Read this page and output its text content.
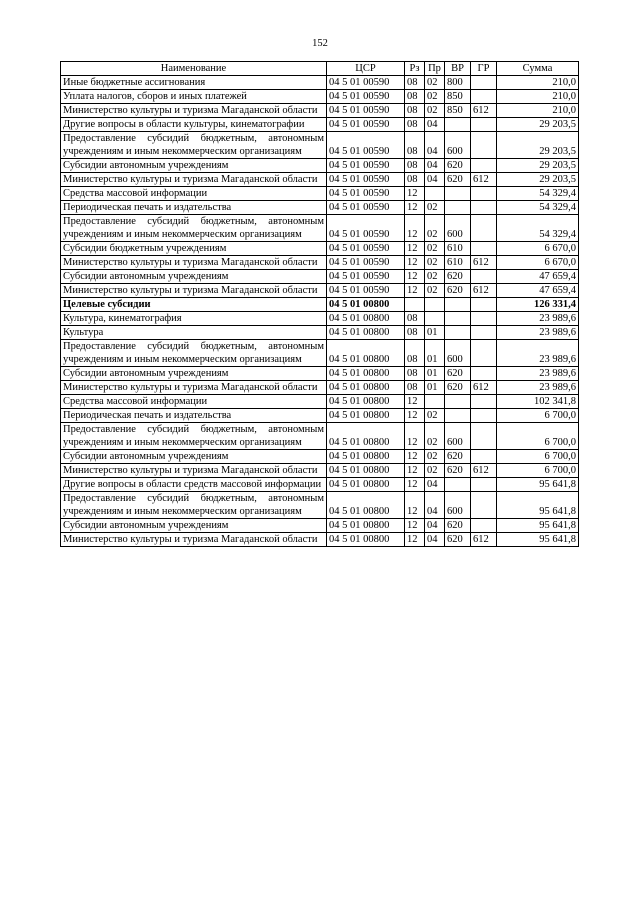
152
Наименование	ЦСР	Рз	Пр	ВР	ГР	Сумма
Иные бюджетные ассигнования	04 5 01 00590	08	02	800		210,0
Уплата налогов, сборов и иных платежей	04 5 01 00590	08	02	850		210,0
Министерство культуры и туризма Магаданской области	04 5 01 00590	08	02	850	612	210,0
Другие вопросы в области культуры, кинематографии	04 5 01 00590	08	04			29 203,5
Предоставление субсидий бюджетным, автономным учреждениям и иным некоммерческим организациям	04 5 01 00590	08	04	600		29 203,5
Субсидии автономным учреждениям	04 5 01 00590	08	04	620		29 203,5
Министерство культуры и туризма Магаданской области	04 5 01 00590	08	04	620	612	29 203,5
Средства массовой информации	04 5 01 00590	12				54 329,4
Периодическая печать и издательства	04 5 01 00590	12	02			54 329,4
Предоставление субсидий бюджетным, автономным учреждениям и иным некоммерческим организациям	04 5 01 00590	12	02	600		54 329,4
Субсидии бюджетным учреждениям	04 5 01 00590	12	02	610		6 670,0
Министерство культуры и туризма Магаданской области	04 5 01 00590	12	02	610	612	6 670,0
Субсидии автономным учреждениям	04 5 01 00590	12	02	620		47 659,4
Министерство культуры и туризма Магаданской области	04 5 01 00590	12	02	620	612	47 659,4
Целевые субсидии	04 5 01 00800					126 331,4
Культура, кинематография	04 5 01 00800	08				23 989,6
Культура	04 5 01 00800	08	01			23 989,6
Предоставление субсидий бюджетным, автономным учреждениям и иным некоммерческим организациям	04 5 01 00800	08	01	600		23 989,6
Субсидии автономным учреждениям	04 5 01 00800	08	01	620		23 989,6
Министерство культуры и туризма Магаданской области	04 5 01 00800	08	01	620	612	23 989,6
Средства массовой информации	04 5 01 00800	12				102 341,8
Периодическая печать и издательства	04 5 01 00800	12	02			6 700,0
Предоставление субсидий бюджетным, автономным учреждениям и иным некоммерческим организациям	04 5 01 00800	12	02	600		6 700,0
Субсидии автономным учреждениям	04 5 01 00800	12	02	620		6 700,0
Министерство культуры и туризма Магаданской области	04 5 01 00800	12	02	620	612	6 700,0
Другие вопросы в области средств массовой информации	04 5 01 00800	12	04			95 641,8
Предоставление субсидий бюджетным, автономным учреждениям и иным некоммерческим организациям	04 5 01 00800	12	04	600		95 641,8
Субсидии автономным учреждениям	04 5 01 00800	12	04	620		95 641,8
Министерство культуры и туризма Магаданской области	04 5 01 00800	12	04	620	612	95 641,8
